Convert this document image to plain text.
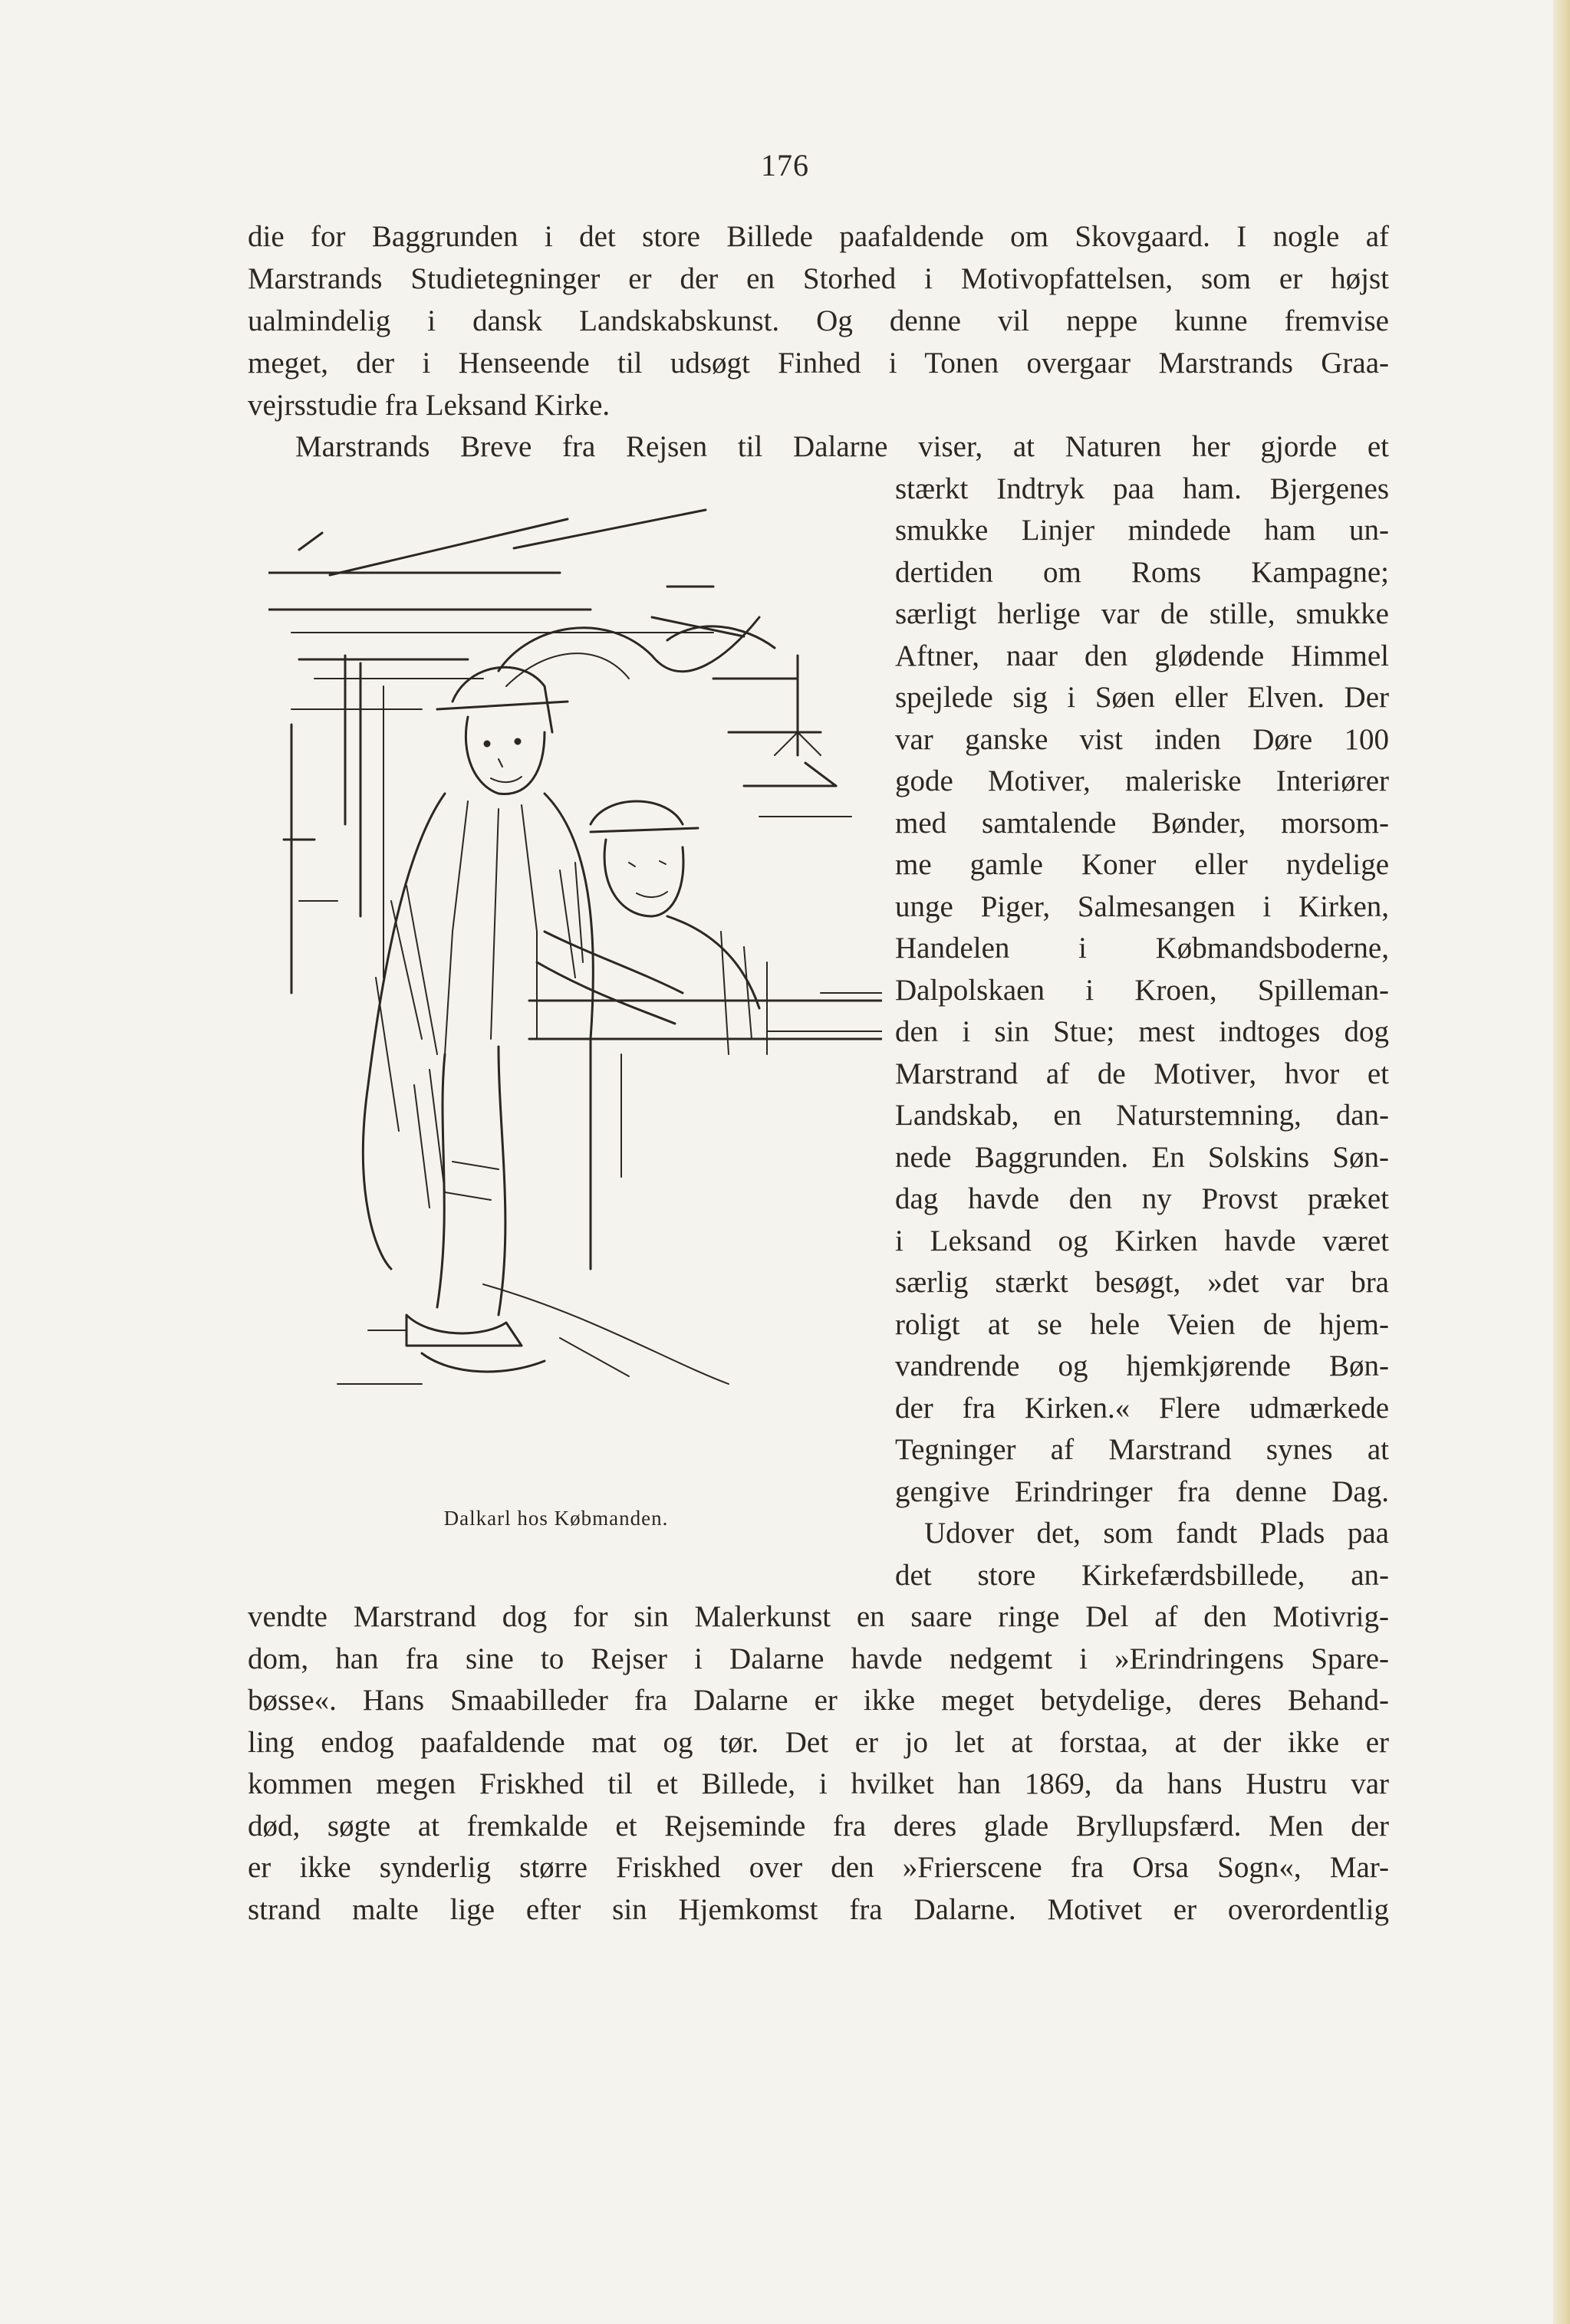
176
die for Baggrunden i det store Billede paafaldende om Skovgaard. I nogle af
Marstrands Studietegninger er der en Storhed i Motivopfattelsen, som er højst
ualmindelig i dansk Landskabskunst. Og denne vil neppe kunne fremvise
meget, der i Henseende til udsøgt Finhed i Tonen overgaar Marstrands Graa-
vejrsstudie fra Leksand Kirke.
Marstrands Breve fra Rejsen til Dalarne viser, at Naturen her gjorde et
stærkt Indtryk paa ham. Bjergenes
smukke Linjer mindede ham un-
dertiden om Roms Kampagne;
særligt herlige var de stille, smukke
Aftner, naar den glødende Himmel
spejlede sig i Søen eller Elven. Der
var ganske vist inden Døre 100
gode Motiver, maleriske Interiører
med samtalende Bønder, morsom-
me gamle Koner eller nydelige
unge Piger, Salmesangen i Kirken,
Handelen i Købmandsboderne,
Dalpolskaen i Kroen, Spilleman-
den i sin Stue; mest indtoges dog
Marstrand af de Motiver, hvor et
Landskab, en Naturstemning, dan-
nede Baggrunden. En Solskins Søn-
dag havde den ny Provst præket
i Leksand og Kirken havde været
særlig stærkt besøgt, »det var bra
roligt at se hele Veien de hjem-
vandrende og hjemkjørende Bøn-
der fra Kirken.« Flere udmærkede
Tegninger af Marstrand synes at
gengive Erindringer fra denne Dag.
Udover det, som fandt Plads paa
det store Kirkefærdsbillede, an-
vendte Marstrand dog for sin Malerkunst en saare ringe Del af den Motivrig-
dom, han fra sine to Rejser i Dalarne havde nedgemt i »Erindringens Spare-
bøsse«. Hans Smaabilleder fra Dalarne er ikke meget betydelige, deres Behand-
ling endog paafaldende mat og tør. Det er jo let at forstaa, at der ikke er
kommen megen Friskhed til et Billede, i hvilket han 1869, da hans Hustru var
død, søgte at fremkalde et Rejseminde fra deres glade Bryllupsfærd. Men der
er ikke synderlig større Friskhed over den »Frierscene fra Orsa Sogn«, Mar-
strand malte lige efter sin Hjemkomst fra Dalarne. Motivet er overordentlig
Dalkarl hos Købmanden.
